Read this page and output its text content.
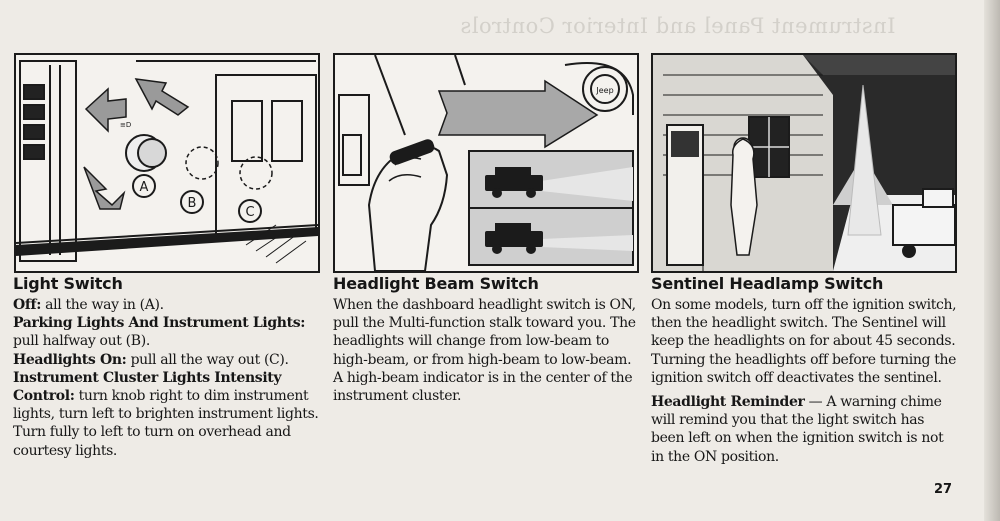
Instrument Panel and Interior Controls
≡D
A
B
C
Jeep
Light Switch

Off: all the way in (A).

Parking Lights And Instrument Lights: pull halfway out (B).

Headlights On: pull all the way out (C).

Instrument Cluster Lights Intensity Control: turn knob right to dim instrument lights, turn left to brighten instrument lights. Turn fully to left to turn on overhead and courtesy lights.

Headlight Beam Switch

When the dashboard headlight switch is ON, pull the Multi-function stalk toward you. The headlights will change from low-beam to high-beam, or from high-beam to low-beam. A high-beam indicator is in the center of the instrument cluster.

Sentinel Headlamp Switch

On some models, turn off the ignition switch, then the headlight switch. The Sentinel will keep the headlights on for about 45 seconds. Turning the headlights off before turning the ignition switch off deactivates the sentinel.

Headlight Reminder — A warning chime will remind you that the light switch has been left on when the ignition switch is not in the ON position.

27
